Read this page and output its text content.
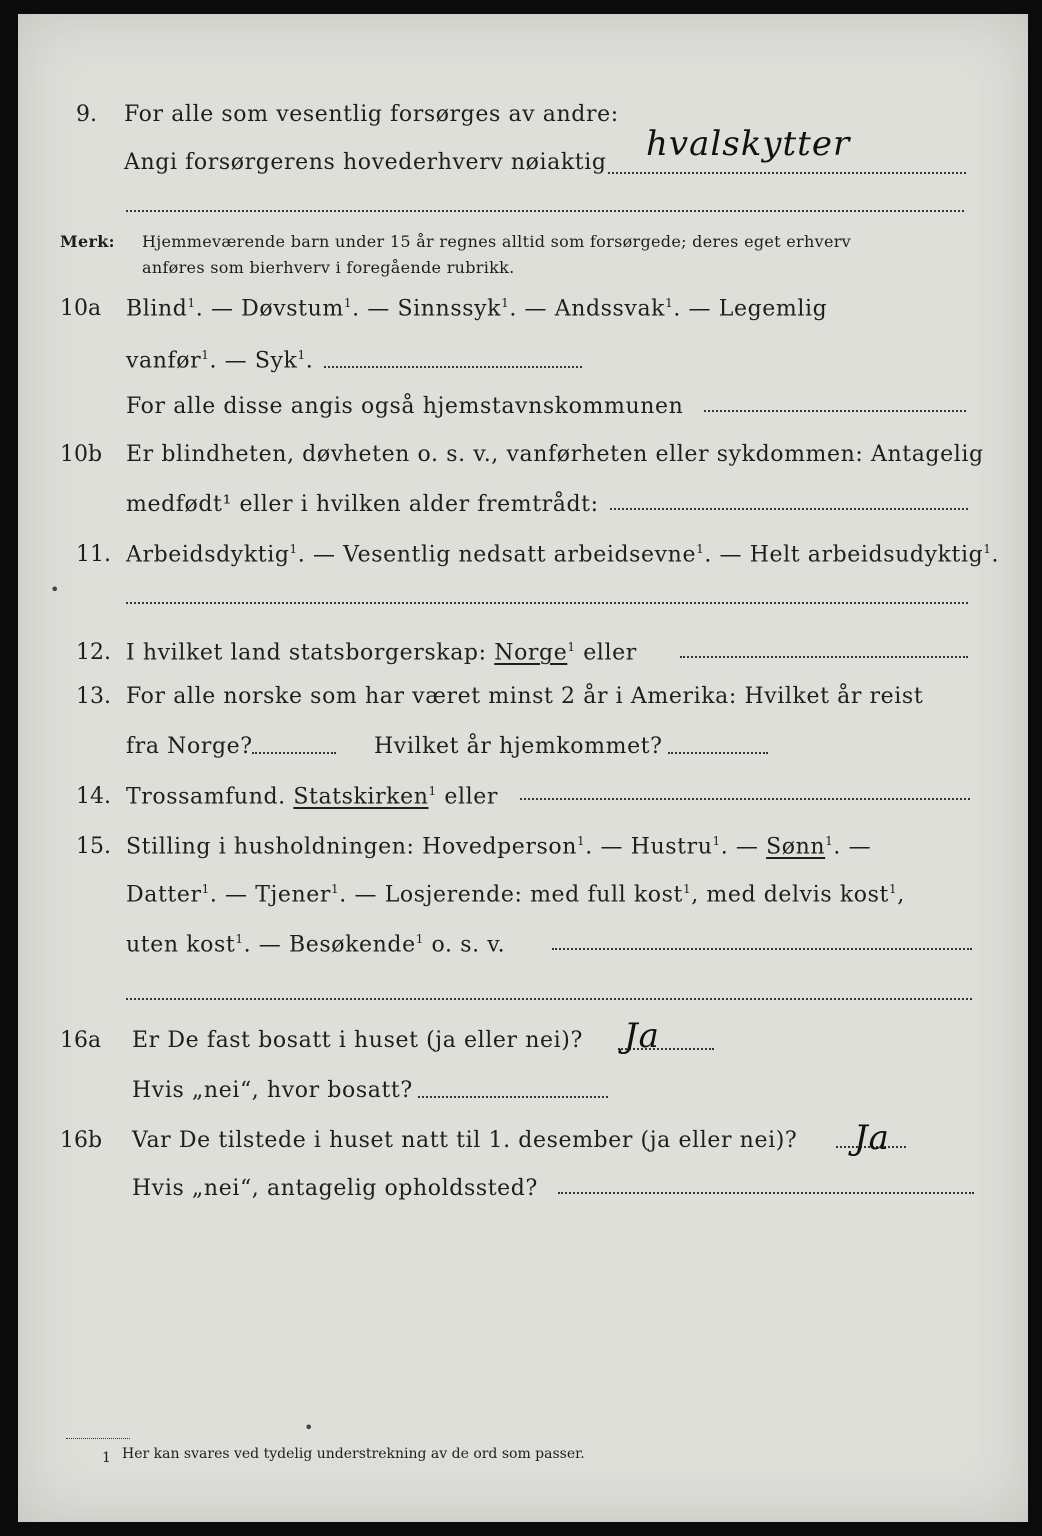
9. For alle som vesentlig forsørges av andre:
Angi forsørgerens hovederhverv nøiaktig hvalskytter
Merk: Hjemmeværende barn under 15 år regnes alltid som forsørgede; deres eget erhverv
anføres som bierhverv i foregående rubrikk.
10a Blind$^1$. — Døvstum$^1$. — Sinnssyk$^1$. — Andssvak$^1$. — Legemlig
vanfør$^1$. — Syk$^1$.
For alle disse angis også hjemstavnskommunen
10b Er blindheten, døvheten o. s. v., vanførheten eller sykdommen: Antagelig
medfødt¹ eller i hvilken alder fremtrådt:
11. Arbeidsdyktig$^1$. — Vesentlig nedsatt arbeidsevne$^1$. — Helt arbeidsudyktig$^1$.
12. I hvilket land statsborgerskap: Norge$^1$ eller
13. For alle norske som har været minst 2 år i Amerika: Hvilket år reist
fra Norge?	Hvilket år hjemkommet?
14. Trossamfund. Statskirken$^1$ eller
15. Stilling i husholdningen: Hovedperson$^1$. — Hustru$^1$. — Sønn$^1$. —
Datter$^1$. — Tjener$^1$. — Losjerende: med full kost$^1$, med delvis kost$^1$,
uten kost$^1$. — Besøkende$^1$ o. s. v.
16a Er De fast bosatt i huset (ja eller nei)? Ja
Hvis „nei“, hvor bosatt?
16b Var De tilstede i huset natt til 1. desember (ja eller nei)? Ja
Hvis „nei“, antagelig opholdssted?
1 Her kan svares ved tydelig understrekning av de ord som passer.
•
•
